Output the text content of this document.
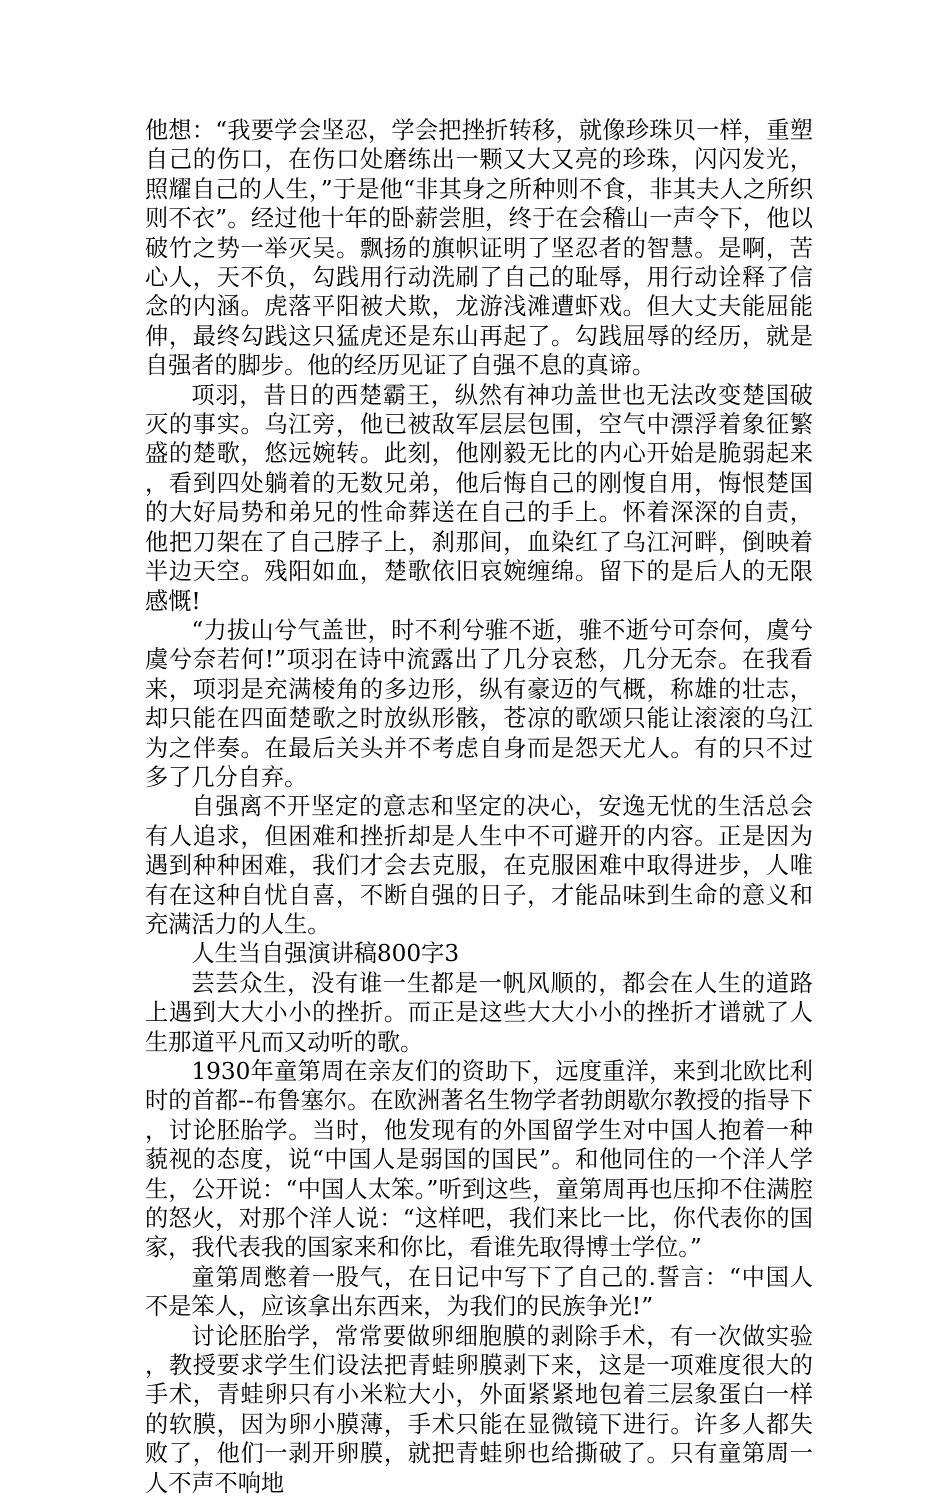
他想：“我要学会坚忍，学会把挫折转移，就像珍珠贝一样，重塑自己的伤口，在伤口处磨练出一颗又大又亮的珍珠，闪闪发光，照耀自己的人生，”于是他“非其身之所种则不食，非其夫人之所织则不衣”。经过他十年的卧薪尝胆，终于在会稽山一声令下，他以破竹之势一举灭吴。飘扬的旗帜证明了坚忍者的智慧。是啊，苦心人，天不负，勾践用行动洗刷了自己的耻辱，用行动诠释了信念的内涵。虎落平阳被犬欺，龙游浅滩遭虾戏。但大丈夫能屈能伸，最终勾践这只猛虎还是东山再起了。勾践屈辱的经历，就是自强者的脚步。他的经历见证了自强不息的真谛。

项羽，昔日的西楚霸王，纵然有神功盖世也无法改变楚国破灭的事实。乌江旁，他已被敌军层层包围，空气中漂浮着象征繁盛的楚歌，悠远婉转。此刻，他刚毅无比的内心开始是脆弱起来，看到四处躺着的无数兄弟，他后悔自己的刚愎自用，悔恨楚国的大好局势和弟兄的性命葬送在自己的手上。怀着深深的自责，他把刀架在了自己脖子上，刹那间，血染红了乌江河畔，倒映着半边天空。残阳如血，楚歌依旧哀婉缠绵。留下的是后人的无限感慨!

“力拔山兮气盖世，时不利兮骓不逝，骓不逝兮可奈何，虞兮虞兮奈若何!”项羽在诗中流露出了几分哀愁，几分无奈。在我看来，项羽是充满棱角的多边形，纵有豪迈的气概，称雄的壮志，却只能在四面楚歌之时放纵形骸，苍凉的歌颂只能让滚滚的乌江为之伴奏。在最后关头并不考虑自身而是怨天尤人。有的只不过多了几分自弃。

自强离不开坚定的意志和坚定的决心，安逸无忧的生活总会有人追求，但困难和挫折却是人生中不可避开的内容。正是因为遇到种种困难，我们才会去克服，在克服困难中取得进步，人唯有在这种自忧自喜，不断自强的日子，才能品味到生命的意义和充满活力的人生。

人生当自强演讲稿800字3

芸芸众生，没有谁一生都是一帆风顺的，都会在人生的道路上遇到大大小小的挫折。而正是这些大大小小的挫折才谱就了人生那道平凡而又动听的歌。

1930年童第周在亲友们的资助下，远度重洋，来到北欧比利时的首都--布鲁塞尔。在欧洲著名生物学者勃朗歇尔教授的指导下，讨论胚胎学。当时，他发现有的外国留学生对中国人抱着一种藐视的态度，说“中国人是弱国的国民”。和他同住的一个洋人学生，公开说：“中国人太笨。”听到这些，童第周再也压抑不住满腔的怒火，对那个洋人说：“这样吧，我们来比一比，你代表你的国家，我代表我的国家来和你比，看谁先取得博士学位。”

童第周憋着一股气，在日记中写下了自己的.誓言：“中国人不是笨人，应该拿出东西来，为我们的民族争光!”

讨论胚胎学，常常要做卵细胞膜的剥除手术，有一次做实验，教授要求学生们设法把青蛙卵膜剥下来，这是一项难度很大的手术，青蛙卵只有小米粒大小，外面紧紧地包着三层象蛋白一样的软膜，因为卵小膜薄，手术只能在显微镜下进行。许多人都失败了，他们一剥开卵膜，就把青蛙卵也给撕破了。只有童第周一人不声不响地
